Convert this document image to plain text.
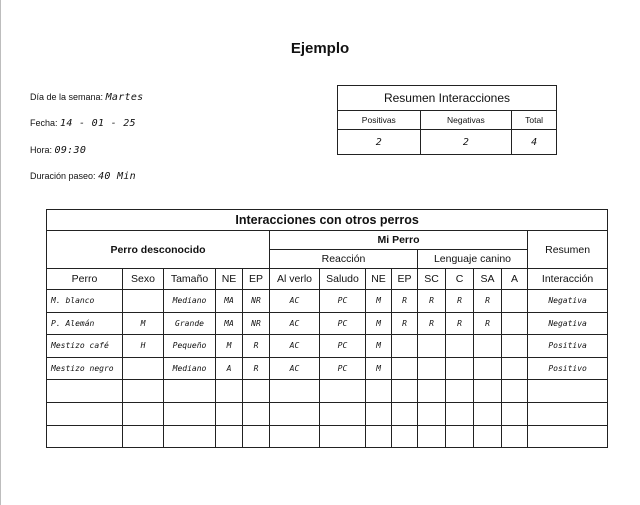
Ejemplo
Día de la semana: Martes
Fecha: 14 - 01 - 25
Hora: 09:30
Duración paseo: 40 Min
Resumen Interacciones		
Positivas	Negativas	Total
2	2	4
Interacciones con otros perros													
Perro desconocido					Mi Perro								Resumen
					Reacción				Lenguaje canino				
Perro	Sexo	Tamaño	NE	EP	Al verlo	Saludo	NE	EP	SC	C	SA	A	Interacción
M. blanco		Mediano	MA	NR	AC	PC	M	R	R	R	R		Negativa
P. Alemán	M	Grande	MA	NR	AC	PC	M	R	R	R	R		Negativa
Mestizo café	H	Pequeño	M	R	AC	PC	M						Positiva
Mestizo negro		Mediano	A	R	AC	PC	M						Positivo
